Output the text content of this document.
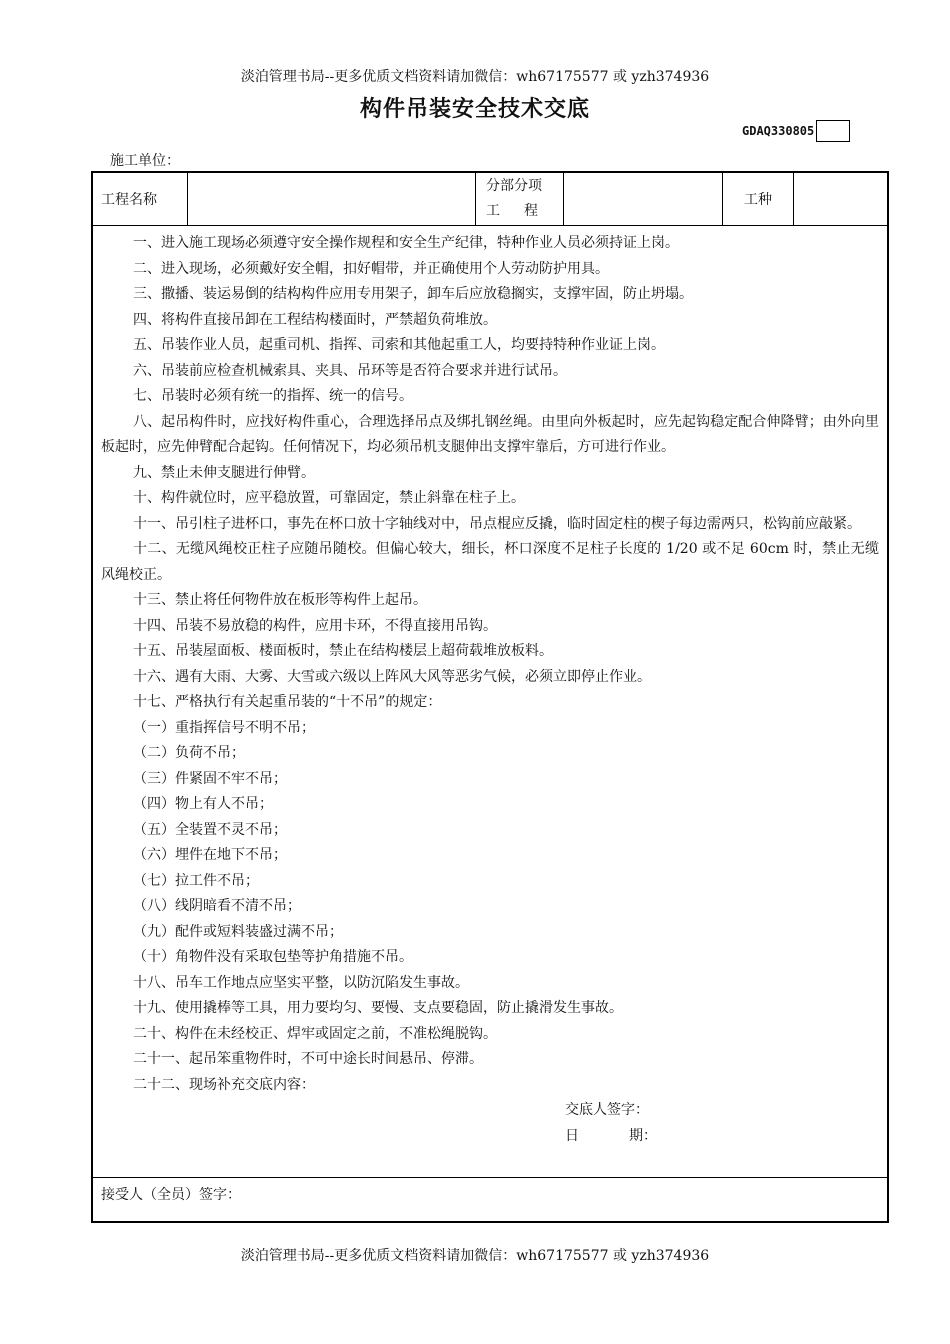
淡泊管理书局--更多优质文档资料请加微信：wh67175577 或 yzh374936
构件吊装安全技术交底
GDAQ330805
施工单位：
工程名称
分部分项
工 程
工种

一、进入施工现场必须遵守安全操作规程和安全生产纪律，特种作业人员必须持证上岗。

二、进入现场，必须戴好安全帽，扣好帽带，并正确使用个人劳动防护用具。

三、撒播、装运易倒的结构构件应用专用架子，卸车后应放稳搁实，支撑牢固，防止坍塌。

四、将构件直接吊卸在工程结构楼面时，严禁超负荷堆放。

五、吊装作业人员，起重司机、指挥、司索和其他起重工人，均要持特种作业证上岗。

六、吊装前应检查机械索具、夹具、吊环等是否符合要求并进行试吊。

七、吊装时必须有统一的指挥、统一的信号。

八、起吊构件时，应找好构件重心，合理选择吊点及绑扎钢丝绳。由里向外板起时，应先起钩稳定配合伸降臂；由外向里板起时，应先伸臂配合起钩。任何情况下，均必须吊机支腿伸出支撑牢靠后，方可进行作业。

九、禁止未伸支腿进行伸臂。

十、构件就位时，应平稳放置，可靠固定，禁止斜靠在柱子上。

十一、吊引柱子进杯口，事先在杯口放十字轴线对中，吊点棍应反撬，临时固定柱的楔子每边需两只，松钩前应敲紧。

十二、无缆风绳校正柱子应随吊随校。但偏心较大，细长，杯口深度不足柱子长度的 1/20 或不足 60cm 时，禁止无缆风绳校正。

十三、禁止将任何物件放在板形等构件上起吊。

十四、吊装不易放稳的构件，应用卡环，不得直接用吊钩。

十五、吊装屋面板、楼面板时，禁止在结构楼层上超荷载堆放板料。

十六、遇有大雨、大雾、大雪或六级以上阵风大风等恶劣气候，必须立即停止作业。

十七、严格执行有关起重吊装的“十不吊”的规定：

（一）重指挥信号不明不吊；

（二）负荷不吊；

（三）件紧固不牢不吊；

（四）物上有人不吊；

（五）全装置不灵不吊；

（六）埋件在地下不吊；

（七）拉工件不吊；

（八）线阴暗看不清不吊；

（九）配件或短料装盛过满不吊；

（十）角物件没有采取包垫等护角措施不吊。

十八、吊车工作地点应坚实平整，以防沉陷发生事故。

十九、使用撬棒等工具，用力要均匀、要慢、支点要稳固，防止撬滑发生事故。

二十、构件在未经校正、焊牢或固定之前，不准松绳脱钩。

二十一、起吊笨重物件时，不可中途长时间悬吊、停滞。

二十二、现场补充交底内容：

交底人签字：

日	期：

接受人（全员）签字：
淡泊管理书局--更多优质文档资料请加微信：wh67175577 或 yzh374936
